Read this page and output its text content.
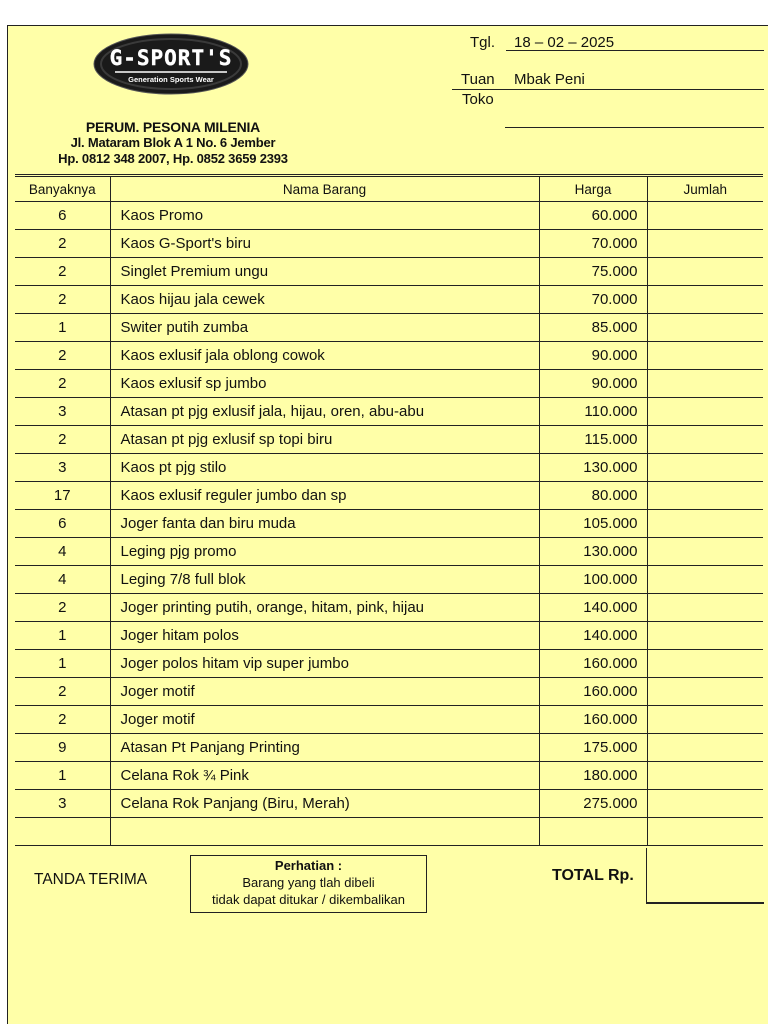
G-SPORT'S
Generation Sports Wear
PERUM. PESONA MILENIA
Jl. Mataram Blok A 1 No. 6 Jember
Hp. 0812 348 2007, Hp. 0852 3659 2393
Tgl. 18 – 02 – 2025
Tuan Mbak Peni
Toko
Banyaknya	Nama Barang	Harga	Jumlah
6	Kaos Promo	60.000	
2	Kaos G-Sport's biru	70.000	
2	Singlet Premium ungu	75.000	
2	Kaos hijau jala cewek	70.000	
1	Switer putih zumba	85.000	
2	Kaos exlusif jala oblong cowok	90.000	
2	Kaos exlusif sp jumbo	90.000	
3	Atasan pt pjg exlusif jala, hijau, oren, abu-abu	110.000	
2	Atasan pt pjg exlusif sp topi biru	115.000	
3	Kaos pt pjg stilo	130.000	
17	Kaos exlusif reguler jumbo dan sp	80.000	
6	Joger fanta dan biru muda	105.000	
4	Leging pjg promo	130.000	
4	Leging 7/8 full blok	100.000	
2	Joger printing putih, orange, hitam, pink, hijau	140.000	
1	Joger hitam polos	140.000	
1	Joger polos hitam vip super jumbo	160.000	
2	Joger motif	160.000	
2	Joger motif	160.000	
9	Atasan Pt Panjang Printing	175.000	
1	Celana Rok ¾ Pink	180.000	
3	Celana Rok Panjang (Biru, Merah)	275.000	

TANDA TERIMA
Perhatian :
Barang yang tlah dibeli
tidak dapat ditukar / dikembalikan
TOTAL Rp.
